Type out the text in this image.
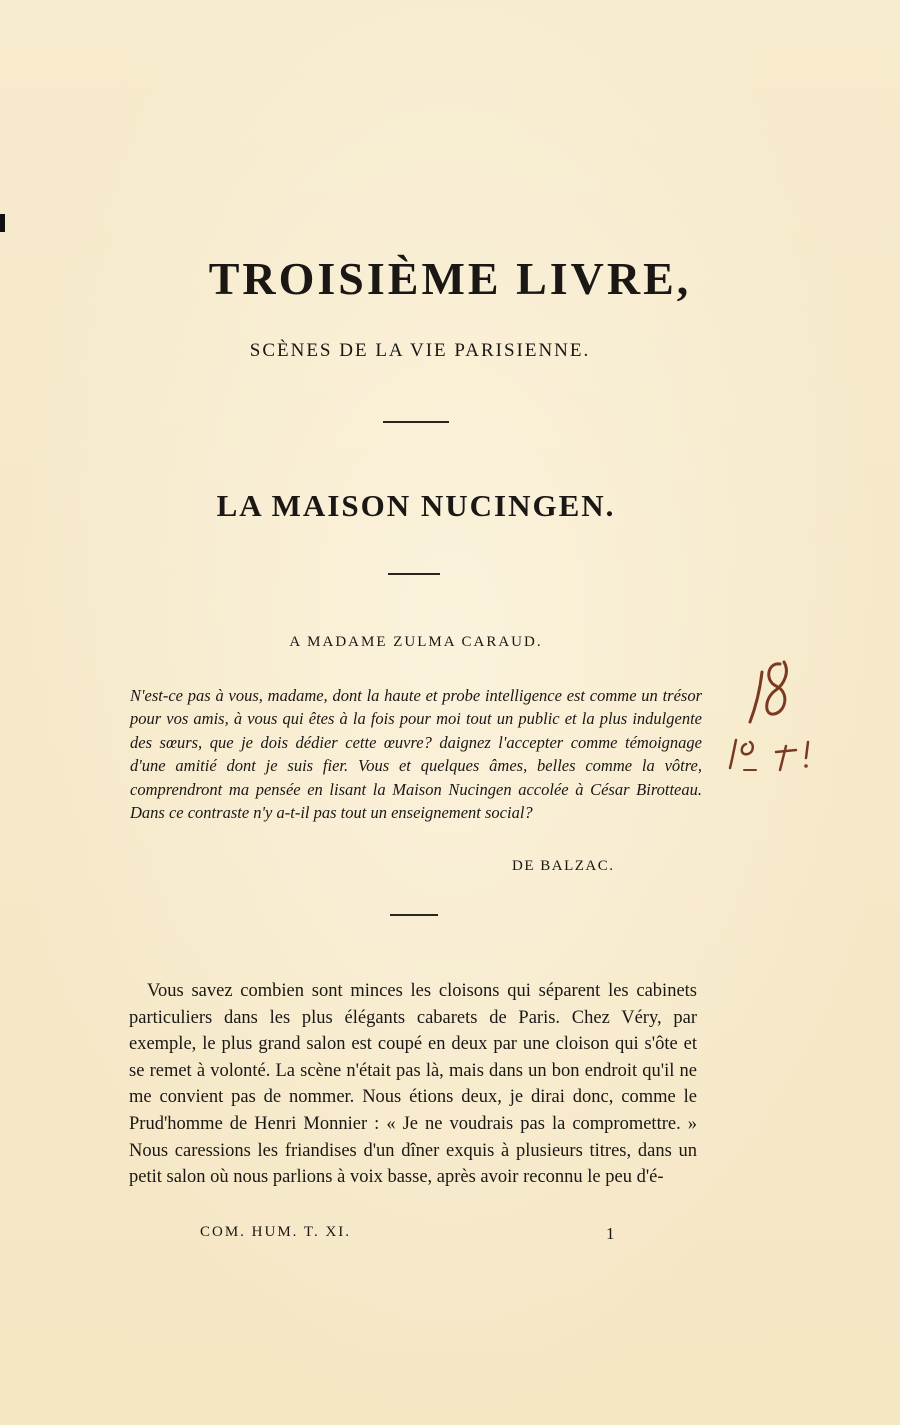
TROISIÈME LIVRE,
SCÈNES DE LA VIE PARISIENNE.
LA MAISON NUCINGEN.
A MADAME ZULMA CARAUD.
N'est-ce pas à vous, madame, dont la haute et probe intelligence est comme un trésor pour vos amis, à vous qui êtes à la fois pour moi tout un public et la plus indulgente des sœurs, que je dois dédier cette œuvre? daignez l'accepter comme témoignage d'une amitié dont je suis fier. Vous et quelques âmes, belles comme la vôtre, comprendront ma pensée en lisant la Maison Nucingen accolée à César Birotteau. Dans ce contraste n'y a-t-il pas tout un enseignement social?
DE BALZAC.
Vous savez combien sont minces les cloisons qui séparent les cabinets particuliers dans les plus élégants cabarets de Paris. Chez Véry, par exemple, le plus grand salon est coupé en deux par une cloison qui s'ôte et se remet à volonté. La scène n'était pas là, mais dans un bon endroit qu'il ne me convient pas de nommer. Nous étions deux, je dirai donc, comme le Prud'homme de Henri Monnier : « Je ne voudrais pas la compromettre. » Nous caressions les friandises d'un dîner exquis à plusieurs titres, dans un petit salon où nous parlions à voix basse, après avoir reconnu le peu d'é-
COM. HUM. T. XI.	1
